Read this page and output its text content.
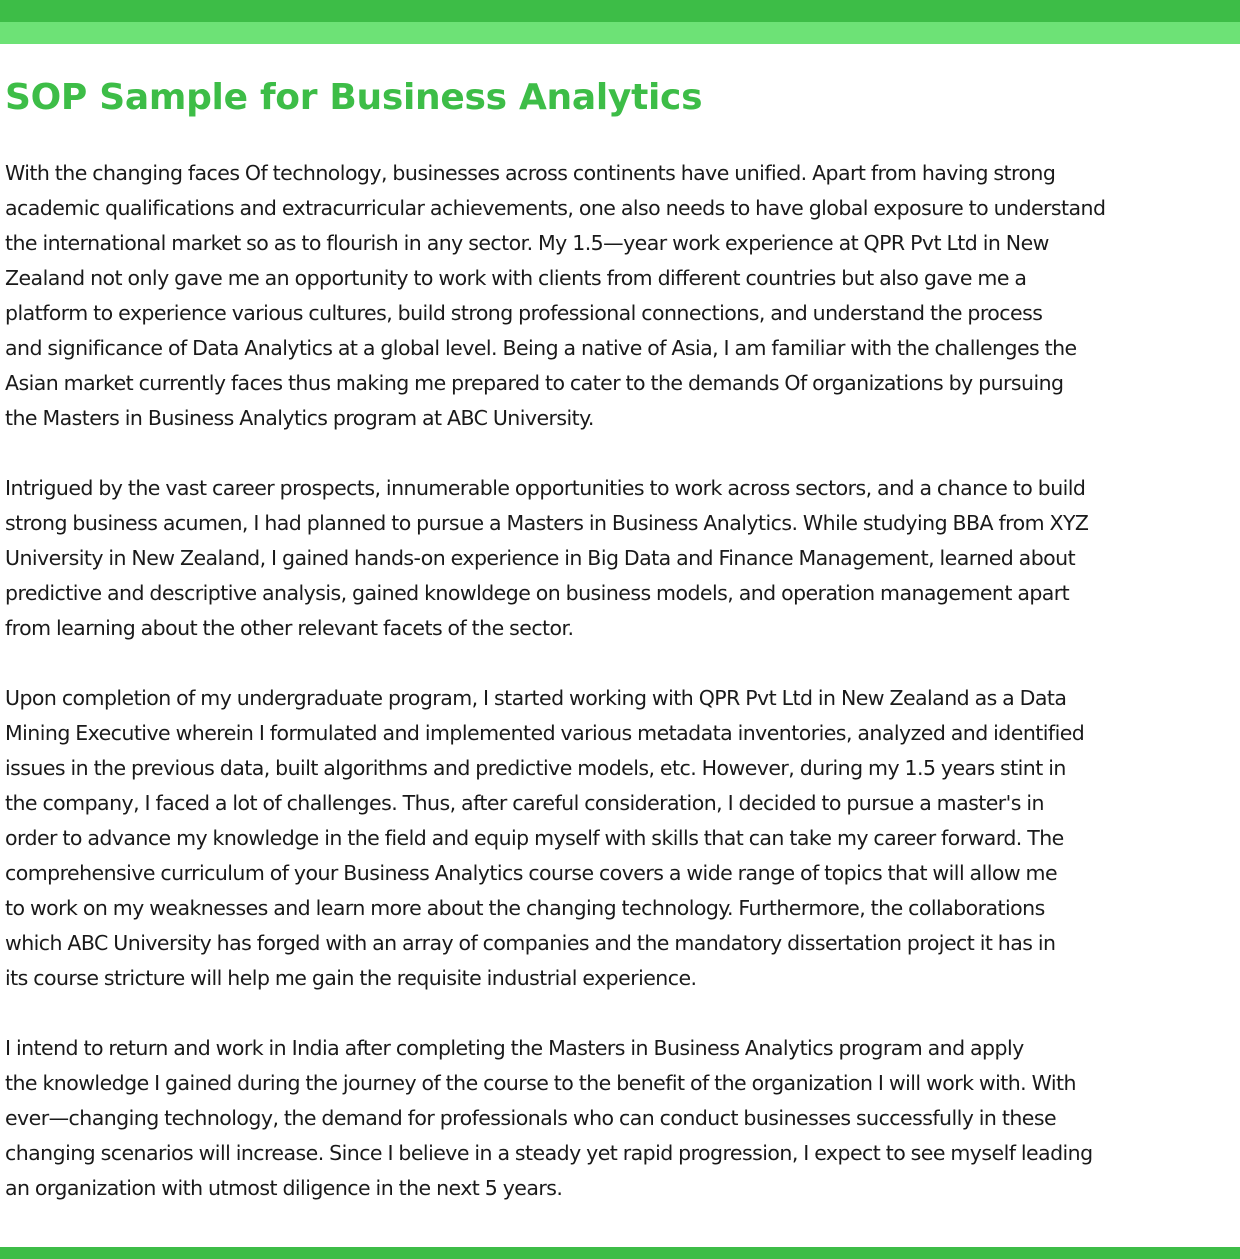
SOP Sample for Business Analytics

With the changing faces Of technology, businesses across continents have unified. Apart from having strong
academic qualifications and extracurricular achievements, one also needs to have global exposure to understand
the international market so as to flourish in any sector. My 1.5—year work experience at QPR Pvt Ltd in New
Zealand not only gave me an opportunity to work with clients from different countries but also gave me a
platform to experience various cultures, build strong professional connections, and understand the process
and significance of Data Analytics at a global level. Being a native of Asia, I am familiar with the challenges the
Asian market currently faces thus making me prepared to cater to the demands Of organizations by pursuing
the Masters in Business Analytics program at ABC University.

Intrigued by the vast career prospects, innumerable opportunities to work across sectors, and a chance to build
strong business acumen, I had planned to pursue a Masters in Business Analytics. While studying BBA from XYZ
University in New Zealand, I gained hands-on experience in Big Data and Finance Management, learned about
predictive and descriptive analysis, gained knowldege on business models, and operation management apart
from learning about the other relevant facets of the sector.

Upon completion of my undergraduate program, I started working with QPR Pvt Ltd in New Zealand as a Data
Mining Executive wherein I formulated and implemented various metadata inventories, analyzed and identified
issues in the previous data, built algorithms and predictive models, etc. However, during my 1.5 years stint in
the company, I faced a lot of challenges. Thus, after careful consideration, I decided to pursue a master's in
order to advance my knowledge in the field and equip myself with skills that can take my career forward. The
comprehensive curriculum of your Business Analytics course covers a wide range of topics that will allow me
to work on my weaknesses and learn more about the changing technology. Furthermore, the collaborations
which ABC University has forged with an array of companies and the mandatory dissertation project it has in
its course stricture will help me gain the requisite industrial experience.

I intend to return and work in India after completing the Masters in Business Analytics program and apply
the knowledge I gained during the journey of the course to the benefit of the organization I will work with. With
ever—changing technology, the demand for professionals who can conduct businesses successfully in these
changing scenarios will increase. Since I believe in a steady yet rapid progression, I expect to see myself leading
an organization with utmost diligence in the next 5 years.
